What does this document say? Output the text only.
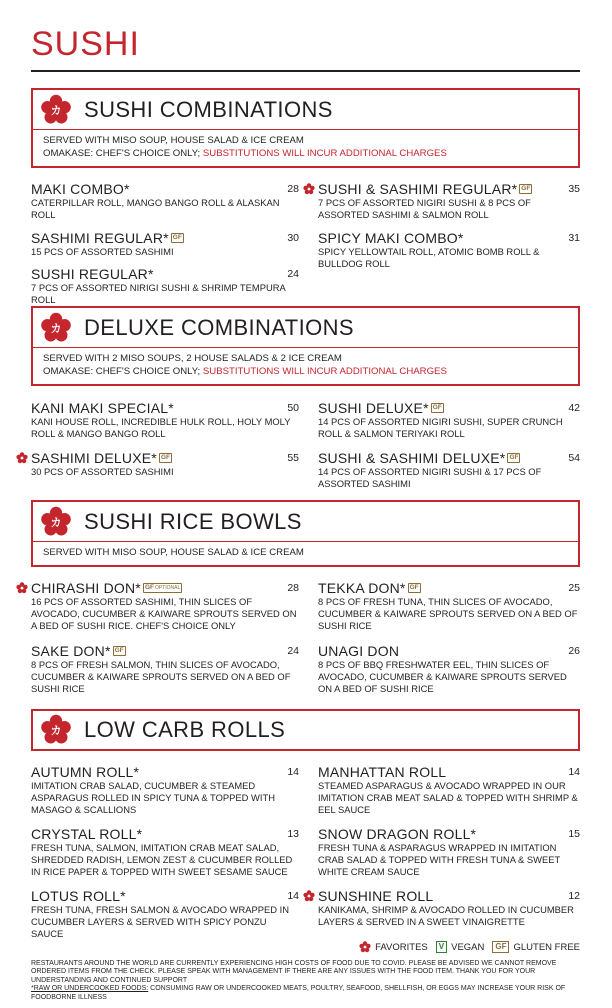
SUSHI
カ SUSHI COMBINATIONS
SERVED WITH MISO SOUP, HOUSE SALAD & ICE CREAM
OMAKASE: CHEF'S CHOICE ONLY; SUBSTITUTIONS WILL INCUR ADDITIONAL CHARGES
MAKI COMBO*	28
CATERPILLAR ROLL, MANGO BANGO ROLL & ALASKAN ROLL
SUSHI & SASHIMI REGULAR* GF	35
7 PCS OF ASSORTED NIGIRI SUSHI & 8 PCS OF ASSORTED SASHIMI & SALMON ROLL
SASHIMI REGULAR* GF	30
15 PCS OF ASSORTED SASHIMI
SPICY MAKI COMBO*	31
SPICY YELLOWTAIL ROLL, ATOMIC BOMB ROLL & BULLDOG ROLL
SUSHI REGULAR*	24
7 PCS OF ASSORTED NIRIGI SUSHI & SHRIMP TEMPURA ROLL
カ DELUXE COMBINATIONS
SERVED WITH 2 MISO SOUPS, 2 HOUSE SALADS & 2 ICE CREAM
OMAKASE: CHEF'S CHOICE ONLY; SUBSTITUTIONS WILL INCUR ADDITIONAL CHARGES
KANI MAKI SPECIAL*	50
KANI HOUSE ROLL, INCREDIBLE HULK ROLL, HOLY MOLY ROLL & MANGO BANGO ROLL
SUSHI DELUXE* GF	42
14 PCS OF ASSORTED NIGIRI SUSHI, SUPER CRUNCH ROLL & SALMON TERIYAKI ROLL
SASHIMI DELUXE* GF	55
30 PCS OF ASSORTED SASHIMI
SUSHI & SASHIMI DELUXE* GF	54
14 PCS OF ASSORTED NIGIRI SUSHI & 17 PCS OF ASSORTED SASHIMI
カ SUSHI RICE BOWLS
SERVED WITH MISO SOUP, HOUSE SALAD & ICE CREAM
CHIRASHI DON* GFOPTIONAL	28
16 PCS OF ASSORTED SASHIMI, THIN SLICES OF AVOCADO, CUCUMBER & KAIWARE SPROUTS SERVED ON A BED OF SUSHI RICE. CHEF'S CHOICE ONLY
TEKKA DON* GF	25
8 PCS OF FRESH TUNA, THIN SLICES OF AVOCADO, CUCUMBER & KAIWARE SPROUTS SERVED ON A BED OF SUSHI RICE
SAKE DON* GF	24
8 PCS OF FRESH SALMON, THIN SLICES OF AVOCADO, CUCUMBER & KAIWARE SPROUTS SERVED ON A BED OF SUSHI RICE
UNAGI DON	26
8 PCS OF BBQ FRESHWATER EEL, THIN SLICES OF AVOCADO, CUCUMBER & KAIWARE SPROUTS SERVED ON A BED OF SUSHI RICE
カ LOW CARB ROLLS
AUTUMN ROLL*	14
IMITATION CRAB SALAD, CUCUMBER & STEAMED ASPARAGUS ROLLED IN SPICY TUNA & TOPPED WITH MASAGO & SCALLIONS
MANHATTAN ROLL	14
STEAMED ASPARAGUS & AVOCADO WRAPPED IN OUR IMITATION CRAB MEAT SALAD & TOPPED WITH SHRIMP & EEL SAUCE
CRYSTAL ROLL*	13
FRESH TUNA, SALMON, IMITATION CRAB MEAT SALAD, SHREDDED RADISH, LEMON ZEST & CUCUMBER ROLLED IN RICE PAPER & TOPPED WITH SWEET SESAME SAUCE
SNOW DRAGON ROLL*	15
FRESH TUNA & ASPARAGUS WRAPPED IN IMITATION CRAB SALAD & TOPPED WITH FRESH TUNA & SWEET WHITE CREAM SAUCE
LOTUS ROLL*	14
FRESH TUNA, FRESH SALMON & AVOCADO WRAPPED IN CUCUMBER LAYERS & SERVED WITH SPICY PONZU SAUCE
SUNSHINE ROLL	12
KANIKAMA, SHRIMP & AVOCADO ROLLED IN CUCUMBER LAYERS & SERVED IN A SWEET VINAIGRETTE
FAVORITES	V VEGAN	GF GLUTEN FREE
RESTAURANTS AROUND THE WORLD ARE CURRENTLY EXPERIENCING HIGH COSTS OF FOOD DUE TO COVID. PLEASE BE ADVISED WE CANNOT REMOVE ORDERED ITEMS FROM THE CHECK. PLEASE SPEAK WITH MANAGEMENT IF THERE ARE ANY ISSUES WITH THE FOOD ITEM. THANK YOU FOR YOUR UNDERSTANDING AND CONTINUED SUPPORT
*RAW OR UNDERCOOKED FOODS: CONSUMING RAW OR UNDERCOOKED MEATS, POULTRY, SEAFOOD, SHELLFISH, OR EGGS MAY INCREASE YOUR RISK OF FOODBORNE ILLNESS
